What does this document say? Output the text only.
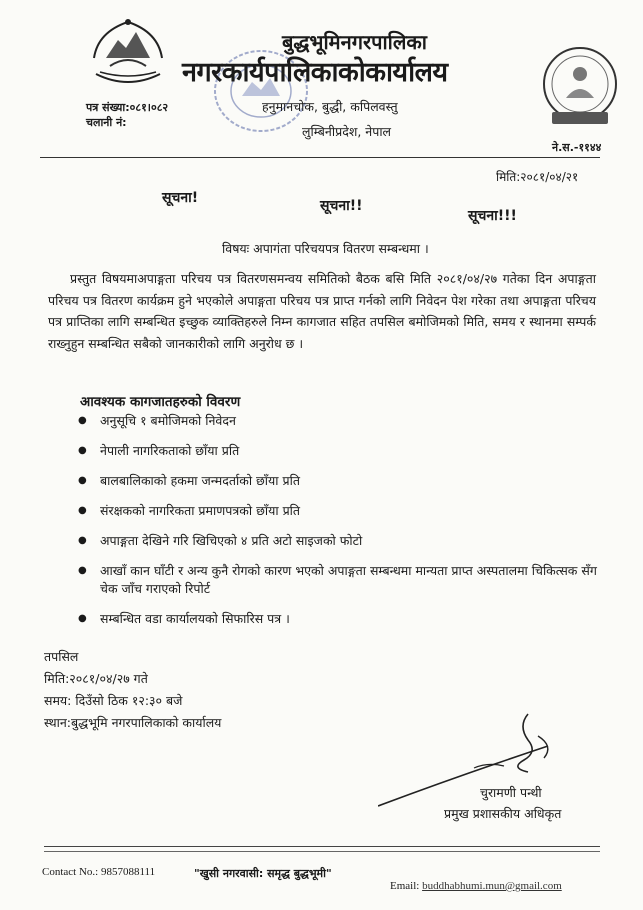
बुद्धभूमिनगरपालिका
नगरकार्यपालिकाकोकार्यालय
हनुमानचोक, बुद्धी, कपिलवस्तु
लुम्बिनीप्रदेश, नेपाल
पत्र संख्या:०८१।०८२
चलानी नं:
ने.स.-११४४
मिति:२०८१/०४/२१
सूचना!	सूचना!!
सूचना!!!
विषयः अपागंता परिचयपत्र वितरण सम्बन्धमा ।

प्रस्तुत विषयमाअपाङ्गता परिचय पत्र वितरणसमन्वय समितिको बैठक बसि मिति २०८१/०४/२७ गतेका दिन अपाङ्गता परिचय पत्र वितरण कार्यक्रम हुने भएकोले अपाङ्गता परिचय पत्र प्राप्त गर्नको लागि निवेदन पेश गरेका तथा अपाङ्गता परिचय पत्र प्राप्तिका लागि सम्बन्धित इच्छुक व्याक्तिहरुले निम्न कागजात सहित तपसिल बमोजिमको मिति, समय र स्थानमा सम्पर्क राख्नुहुन सम्बन्धित सबैको जानकारीको लागि अनुरोध छ ।

आवश्यक कागजातहरुको विवरण
● अनुसूचि १ बमोजिमको निवेदन
● नेपाली नागरिकताको छाँया प्रति
● बालबालिकाको हकमा जन्मदर्ताको छाँया प्रति
● संरक्षकको नागरिकता प्रमाणपत्रको छाँया प्रति
● अपाङ्गता देखिने गरि खिचिएको ४ प्रति अटो साइजको फोटो
● आखाँ कान घाँटी र अन्य कुनै रोगको कारण भएको अपाङ्गता सम्बन्धमा मान्यता प्राप्त अस्पतालमा चिकित्सक सँग चेक जाँच गराएको रिपोर्ट
● सम्बन्धित वडा कार्यालयको सिफारिस पत्र ।
तपसिल
मिति:२०८१/०४/२७ गते
समय: दिउँसो ठिक १२:३० बजे
स्थान:बुद्धभूमि नगरपालिकाको कार्यालय
चुरामणी पन्थी
प्रमुख प्रशासकीय अधिकृत
Contact No.: 9857088111	"खुसी नगरवासी: समृद्ध बुद्धभूमी"
Email: buddhabhumi.mun@gmail.com
